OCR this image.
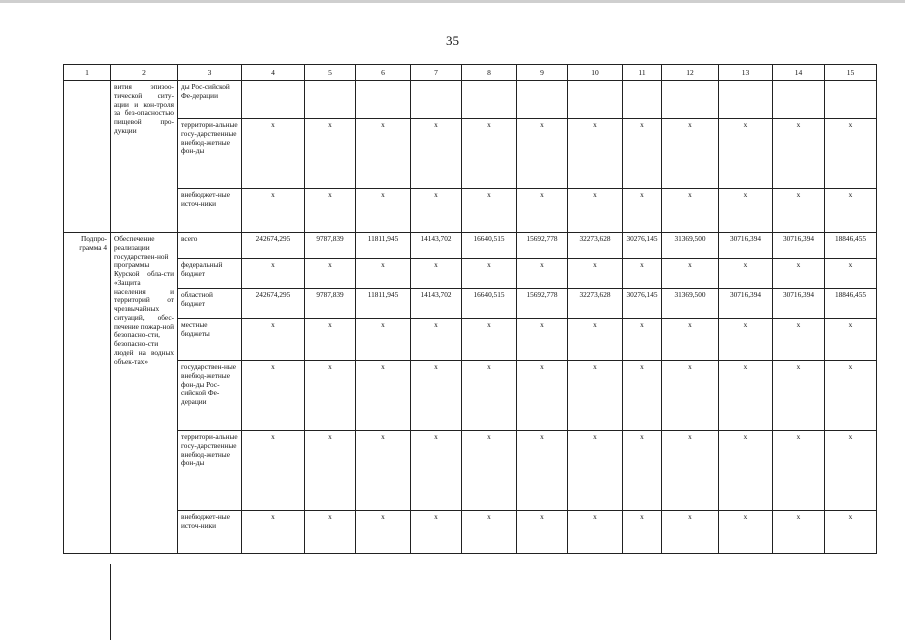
35
1	2	3	4	5	6	7	8	9	10	11	12	13	14	15
	вития эпизоо-тической ситу-ации и кон-троля за без-опасностью пищевой про-дукции	ды Рос-сийской Фе-дерации												
		территори-альные госу-дарственные внебюд-жетные фон-ды	x	x	x	x	x	x	x	x	x	x	x	x
		внебюджет-ные источ-ники	x	x	x	x	x	x	x	x	x	x	x	x
Подпро-грамма 4	Обеспечение реализации государствен-ной программы Курской обла-сти «Защита населения и территорий от чрезвычайных ситуаций, обес-печение пожар-ной безопасно-сти, безопасно-сти людей на водных объек-тах»	всего	242674,295	9787,839	11811,945	14143,702	16640,515	15692,778	32273,628	30276,145	31369,500	30716,394	30716,394	18846,455
		федеральный бюджет	x	x	x	x	x	x	x	x	x	x	x	x
		областной бюджет	242674,295	9787,839	11811,945	14143,702	16640,515	15692,778	32273,628	30276,145	31369,500	30716,394	30716,394	18846,455
		местные бюджеты	x	x	x	x	x	x	x	x	x	x	x	x
		государствен-ные внебюд-жетные фон-ды Рос-сийской Фе-дерации	x	x	x	x	x	x	x	x	x	x	x	x
		территори-альные госу-дарственные внебюд-жетные фон-ды	x	x	x	x	x	x	x	x	x	x	x	x
		внебюджет-ные источ-ники	x	x	x	x	x	x	x	x	x	x	x	x
